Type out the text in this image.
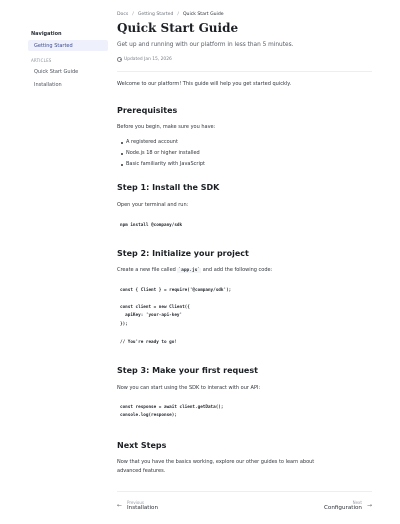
Navigation
Getting Started
ARTICLES
Quick Start Guide
Installation
Docs / Getting Started / Quick Start Guide
Quick Start Guide

Get up and running with our platform in less than 5 minutes.

Updated Jan 15, 2026

Welcome to our platform! This guide will help you get started quickly.

Prerequisites

Before you begin, make sure you have:

A registered account
Node.js 18 or higher installed
Basic familiarity with JavaScript
Step 1: Install the SDK

Open your terminal and run:

npm install @company/sdk
Step 2: Initialize your project

Create a new file called `app.js` and add the following code:

const { Client } = require('@company/sdk');
const client = new Client({
apiKey: 'your-api-key'
});
// You're ready to go!
Step 3: Make your first request

Now you can start using the SDK to interact with our API:

const response = await client.getData();
console.log(response);
Next Steps

Now that you have the basics working, explore our other guides to learn about advanced features.

← Previous
Installation
Next
Configuration →
